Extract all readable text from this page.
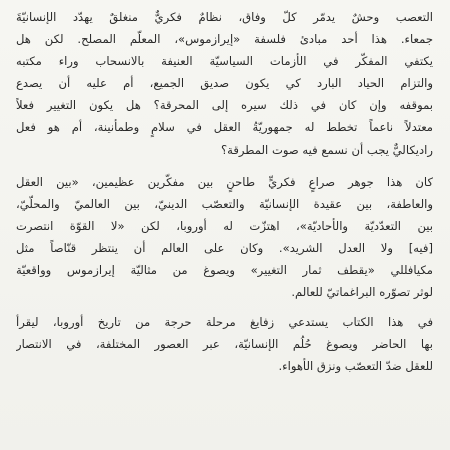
التعصب وحشٌ يدمّر كلّ وفاق، نظامٌ فكريٌّ منغلقٌ يهدّد الإنسانيّةَ
جمعاء. هذا أحد مبادئ فلسفة «إيرازموس»، المعلّم المصلح. لكن هل
يكتفي المفكّر في الأزمات السياسيّة العنيفة بالانسحاب وراء مكتبه
والتزام الحياد البارد كي يكون صديق الجميع، أم عليه أن يصدع
بموقفه وإن كان في ذلك سيره إلى المحرقة؟ هل يكون التغيير فعلاً
معتدلاً ناعماً تخطط له جمهوريّةُ العقل في سلامٍ وطمأنينة، أم هو فعل
راديكاليٌّ يجب أن نسمع فيه صوت المطرقة؟
كان هذا جوهر صراعٍ فكريٍّ طاحنٍ بين مفكّرين عظيمين، «بين العقل
والعاطفة، بين عقيدة الإنسانيّة والتعصّب الدينيّ، بين العالميّ والمحلّيّ،
بين التعدّديّة والأحاديّة»، اهتزّت له أوروبا، لكن «لا القوّة انتصرت
[فيه] ولا العدل الشريد». وكان على العالم أن ينتظر قنّاصاً مثل
مكيافللي «يقطف ثمار التغيير» ويصوغ من مثاليّة إيرازموس وواقعيّة
لوثر تصوّره البراغماتيّ للعالم.
في هذا الكتاب يستدعي زفايغ مرحلة حرجة من تاريخ أوروبا، ليقرأ
بها الحاضر ويصوغ حُلُم الإنسانيّة، عبر العصور المختلفة، في الانتصار
للعقل ضدّ التعصّب ونزق الأهواء.
